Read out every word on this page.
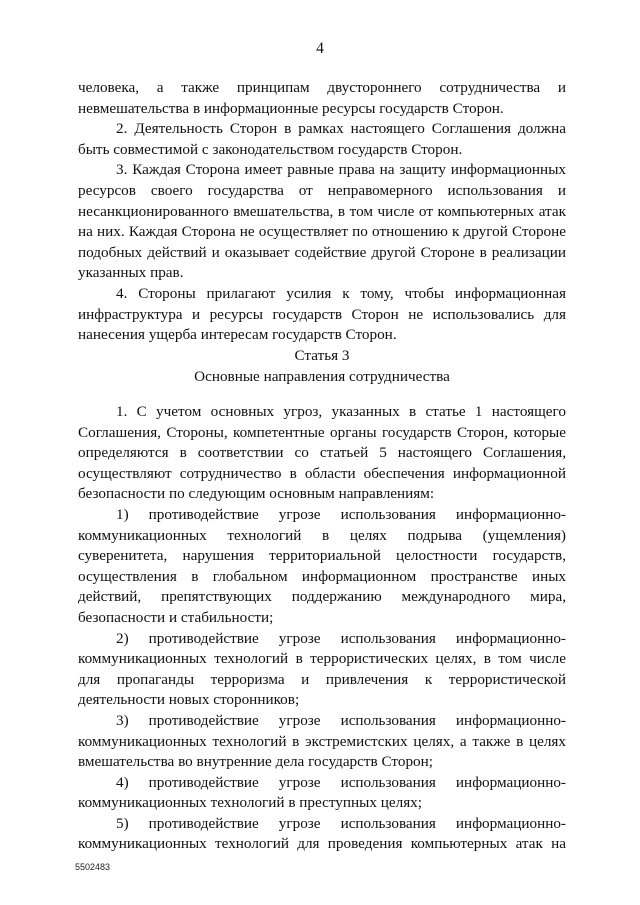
4

человека, а также принципам двустороннего сотрудничества и невмешательства в информационные ресурсы государств Сторон.

2. Деятельность Сторон в рамках настоящего Соглашения должна быть совместимой с законодательством государств Сторон.

3. Каждая Сторона имеет равные права на защиту информационных ресурсов своего государства от неправомерного использования и несанкционированного вмешательства, в том числе от компьютерных атак на них. Каждая Сторона не осуществляет по отношению к другой Стороне подобных действий и оказывает содействие другой Стороне в реализации указанных прав.

4. Стороны прилагают усилия к тому, чтобы информационная инфраструктура и ресурсы государств Сторон не использовались для нанесения ущерба интересам государств Сторон.

Статья 3

Основные направления сотрудничества

1. С учетом основных угроз, указанных в статье 1 настоящего Соглашения, Стороны, компетентные органы государств Сторон, которые определяются в соответствии со статьей 5 настоящего Соглашения, осуществляют сотрудничество в области обеспечения информационной безопасности по следующим основным направлениям:

1) противодействие угрозе использования информационно-коммуникационных технологий в целях подрыва (ущемления) суверенитета, нарушения территориальной целостности государств, осуществления в глобальном информационном пространстве иных действий, препятствующих поддержанию международного мира, безопасности и стабильности;

2) противодействие угрозе использования информационно-коммуникационных технологий в террористических целях, в том числе для пропаганды терроризма и привлечения к террористической деятельности новых сторонников;

3) противодействие угрозе использования информационно-коммуникационных технологий в экстремистских целях, а также в целях вмешательства во внутренние дела государств Сторон;

4) противодействие угрозе использования информационно-коммуникационных технологий в преступных целях;

5) противодействие угрозе использования информационно-коммуникационных технологий для проведения компьютерных атак на

5502483
